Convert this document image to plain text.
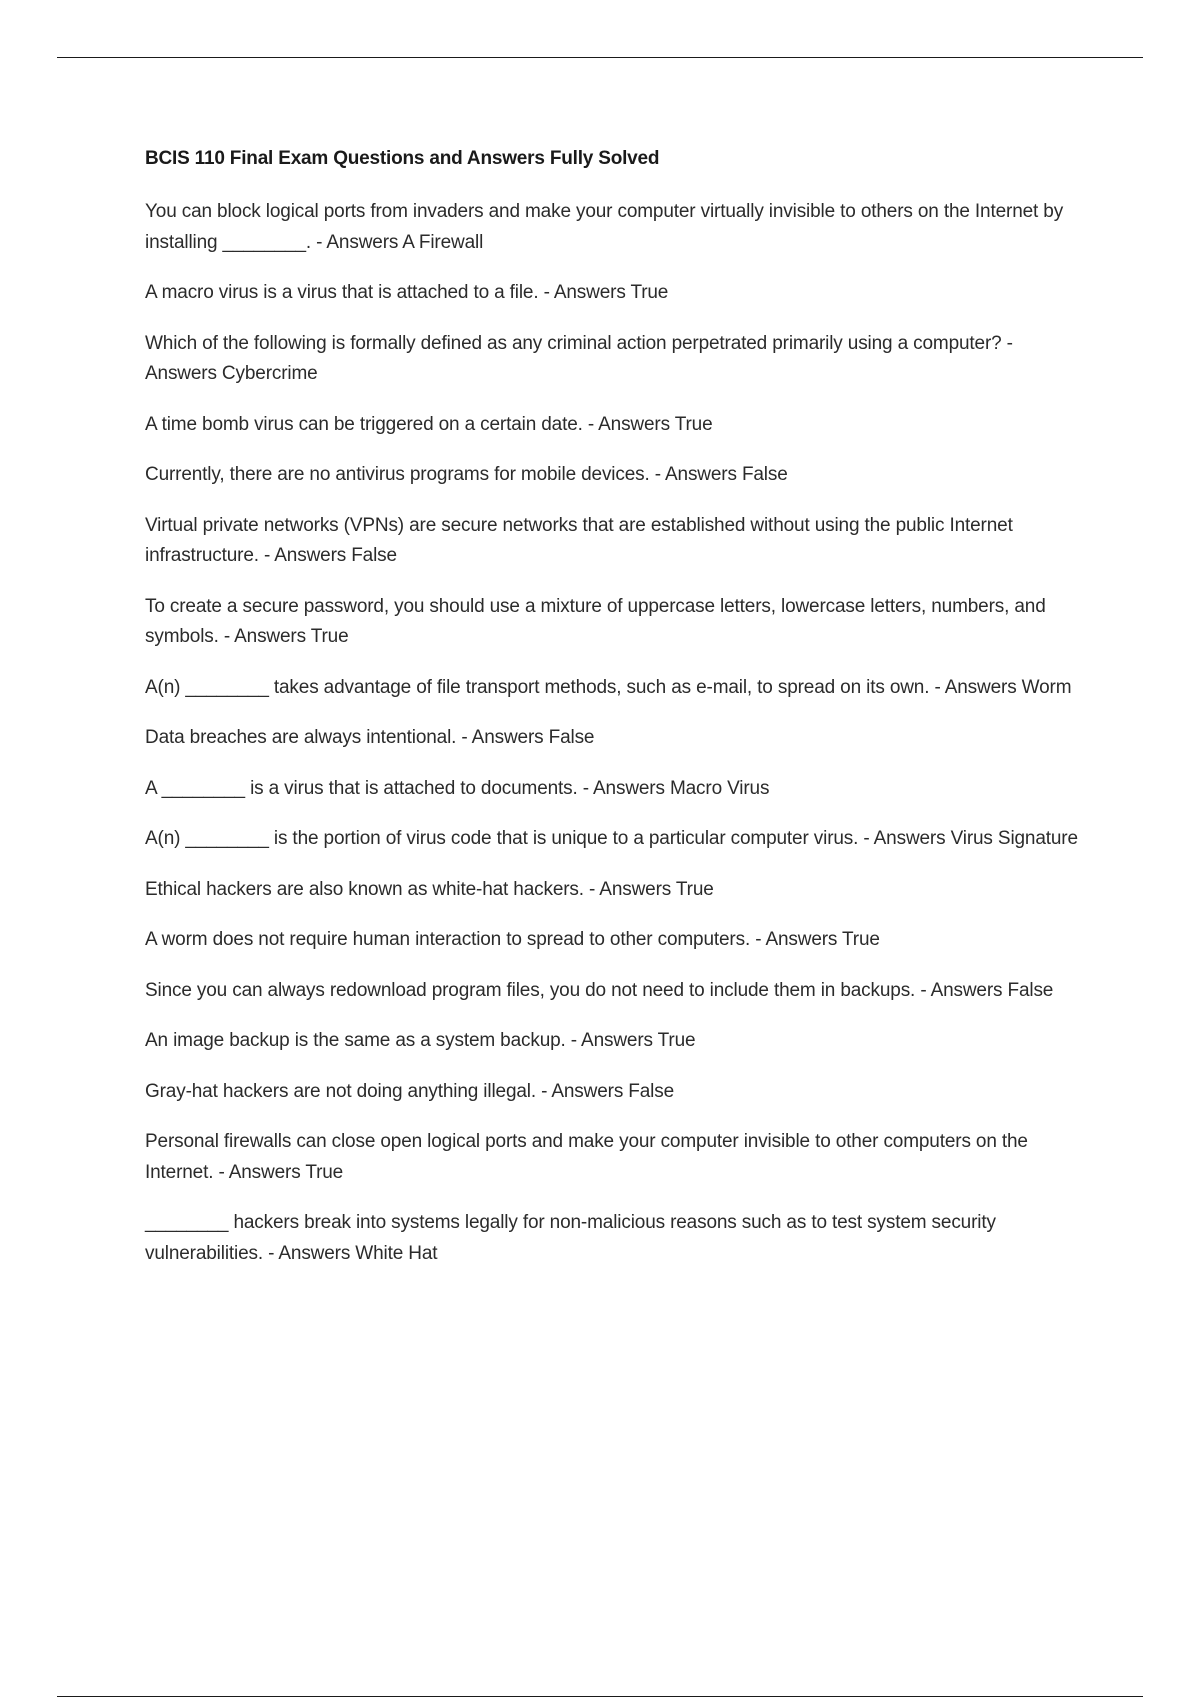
BCIS 110 Final Exam Questions and Answers Fully Solved

You can block logical ports from invaders and make your computer virtually invisible to others on the Internet by installing ________. - Answers A Firewall

A macro virus is a virus that is attached to a file. - Answers True

Which of the following is formally defined as any criminal action perpetrated primarily using a computer? - Answers Cybercrime

A time bomb virus can be triggered on a certain date. - Answers True

Currently, there are no antivirus programs for mobile devices. - Answers False

Virtual private networks (VPNs) are secure networks that are established without using the public Internet infrastructure. - Answers False

To create a secure password, you should use a mixture of uppercase letters, lowercase letters, numbers, and symbols. - Answers True

A(n) ________ takes advantage of file transport methods, such as e-mail, to spread on its own. - Answers Worm

Data breaches are always intentional. - Answers False

A ________ is a virus that is attached to documents. - Answers Macro Virus

A(n) ________ is the portion of virus code that is unique to a particular computer virus. - Answers Virus Signature

Ethical hackers are also known as white-hat hackers. - Answers True

A worm does not require human interaction to spread to other computers. - Answers True

Since you can always redownload program files, you do not need to include them in backups. - Answers False

An image backup is the same as a system backup. - Answers True

Gray-hat hackers are not doing anything illegal. - Answers False

Personal firewalls can close open logical ports and make your computer invisible to other computers on the Internet. - Answers True

________ hackers break into systems legally for non-malicious reasons such as to test system security vulnerabilities. - Answers White Hat
